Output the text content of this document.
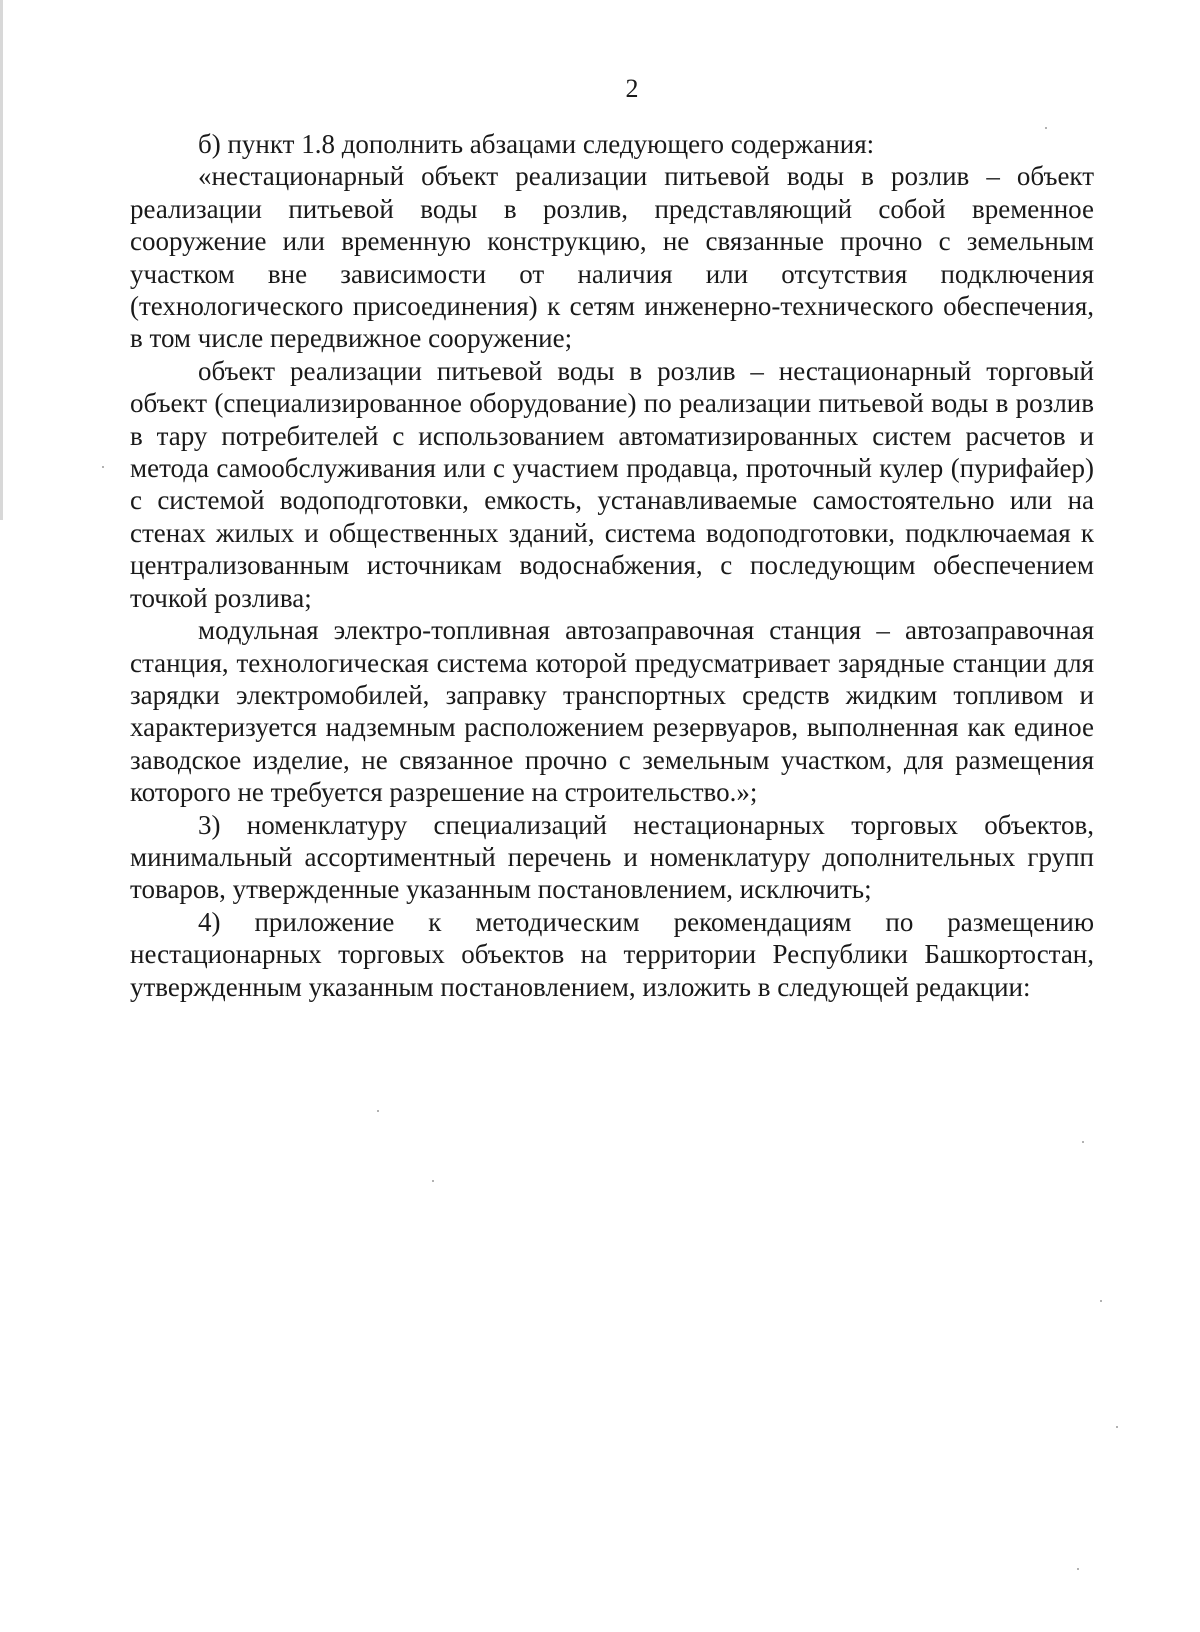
2

б) пункт 1.8 дополнить абзацами следующего содержания:

«нестационарный объект реализации питьевой воды в розлив – объект реализации питьевой воды в розлив, представляющий собой временное сооружение или временную конструкцию, не связанные прочно с земельным участком вне зависимости от наличия или отсутствия подключения (технологического присоединения) к сетям инженерно-технического обеспечения, в том числе передвижное сооружение;

объект реализации питьевой воды в розлив – нестационарный торговый объект (специализированное оборудование) по реализации питьевой воды в розлив в тару потребителей с использованием автоматизированных систем расчетов и метода самообслуживания или с участием продавца, проточный кулер (пурифайер) с системой водоподготовки, емкость, устанавливаемые самостоятельно или на стенах жилых и общественных зданий, система водоподготовки, подключаемая к централизованным источникам водоснабжения, с последующим обеспечением точкой розлива;

модульная электро-топливная автозаправочная станция – автозаправочная станция, технологическая система которой предусматривает зарядные станции для зарядки электромобилей, заправку транспортных средств жидким топливом и характеризуется надземным расположением резервуаров, выполненная как единое заводское изделие, не связанное прочно с земельным участком, для размещения которого не требуется разрешение на строительство.»;

3) номенклатуру специализаций нестационарных торговых объектов, минимальный ассортиментный перечень и номенклатуру дополнительных групп товаров, утвержденные указанным постановлением, исключить;

4) приложение к методическим рекомендациям по размещению нестационарных торговых объектов на территории Республики Башкортостан, утвержденным указанным постановлением, изложить в следующей редакции:
